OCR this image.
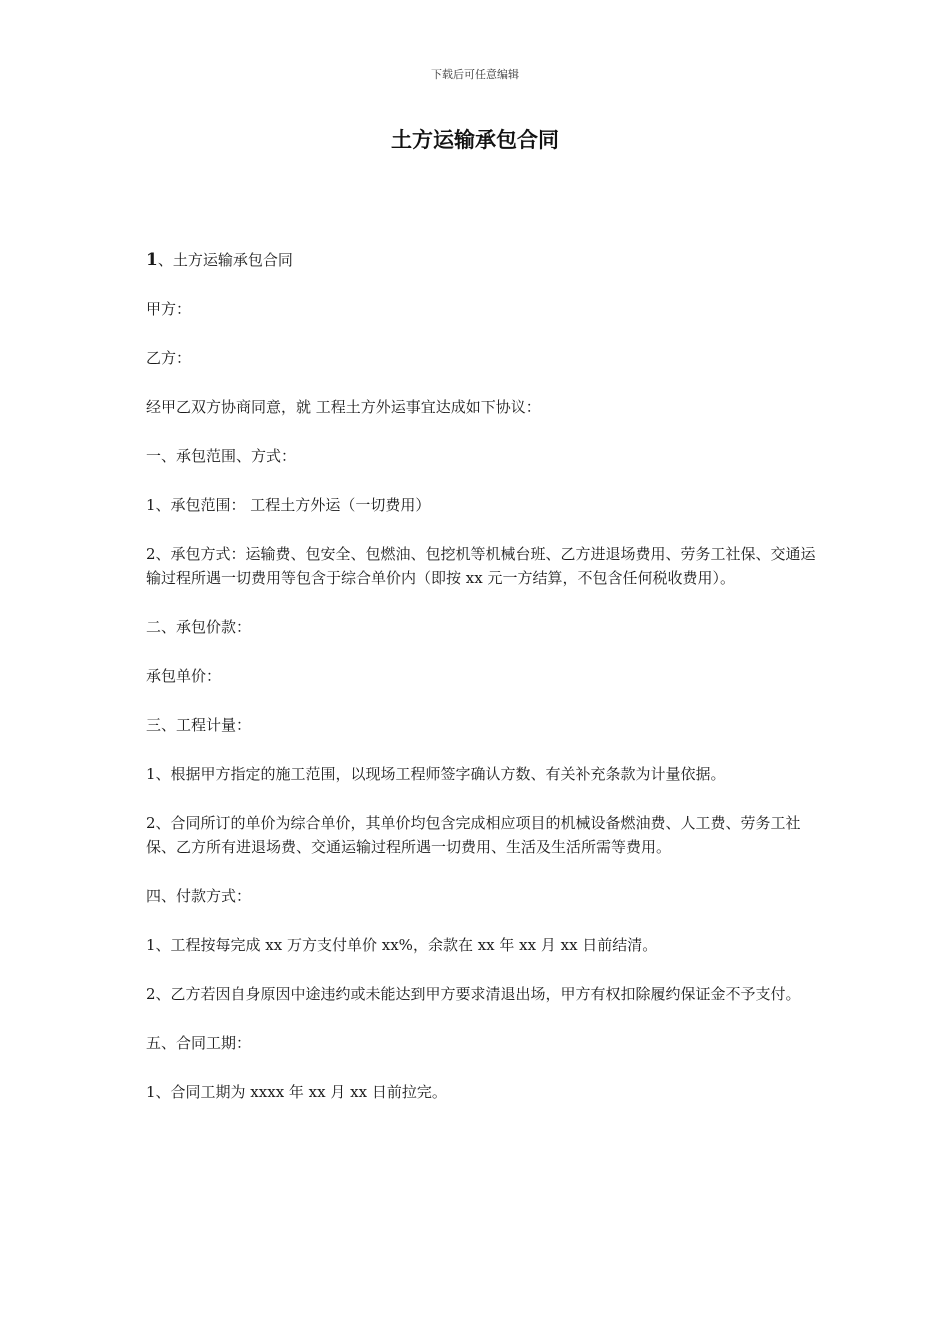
下载后可任意编辑
土方运输承包合同

1、土方运输承包合同

甲方：

乙方：

经甲乙双方协商同意，就 工程土方外运事宜达成如下协议：

一、承包范围、方式：

1、承包范围： 工程土方外运（一切费用）

2、承包方式：运输费、包安全、包燃油、包挖机等机械台班、乙方进退场费用、劳务工社保、交通运输过程所遇一切费用等包含于综合单价内（即按 xx 元一方结算，不包含任何税收费用）。

二、承包价款：

承包单价：

三、工程计量：

1、根据甲方指定的施工范围，以现场工程师签字确认方数、有关补充条款为计量依据。

2、合同所订的单价为综合单价，其单价均包含完成相应项目的机械设备燃油费、人工费、劳务工社保、乙方所有进退场费、交通运输过程所遇一切费用、生活及生活所需等费用。

四、付款方式：

1、工程按每完成 xx 万方支付单价 xx%，余款在 xx 年 xx 月 xx 日前结清。

2、乙方若因自身原因中途违约或未能达到甲方要求清退出场，甲方有权扣除履约保证金不予支付。

五、合同工期：

1、合同工期为 xxxx 年 xx 月 xx 日前拉完。
